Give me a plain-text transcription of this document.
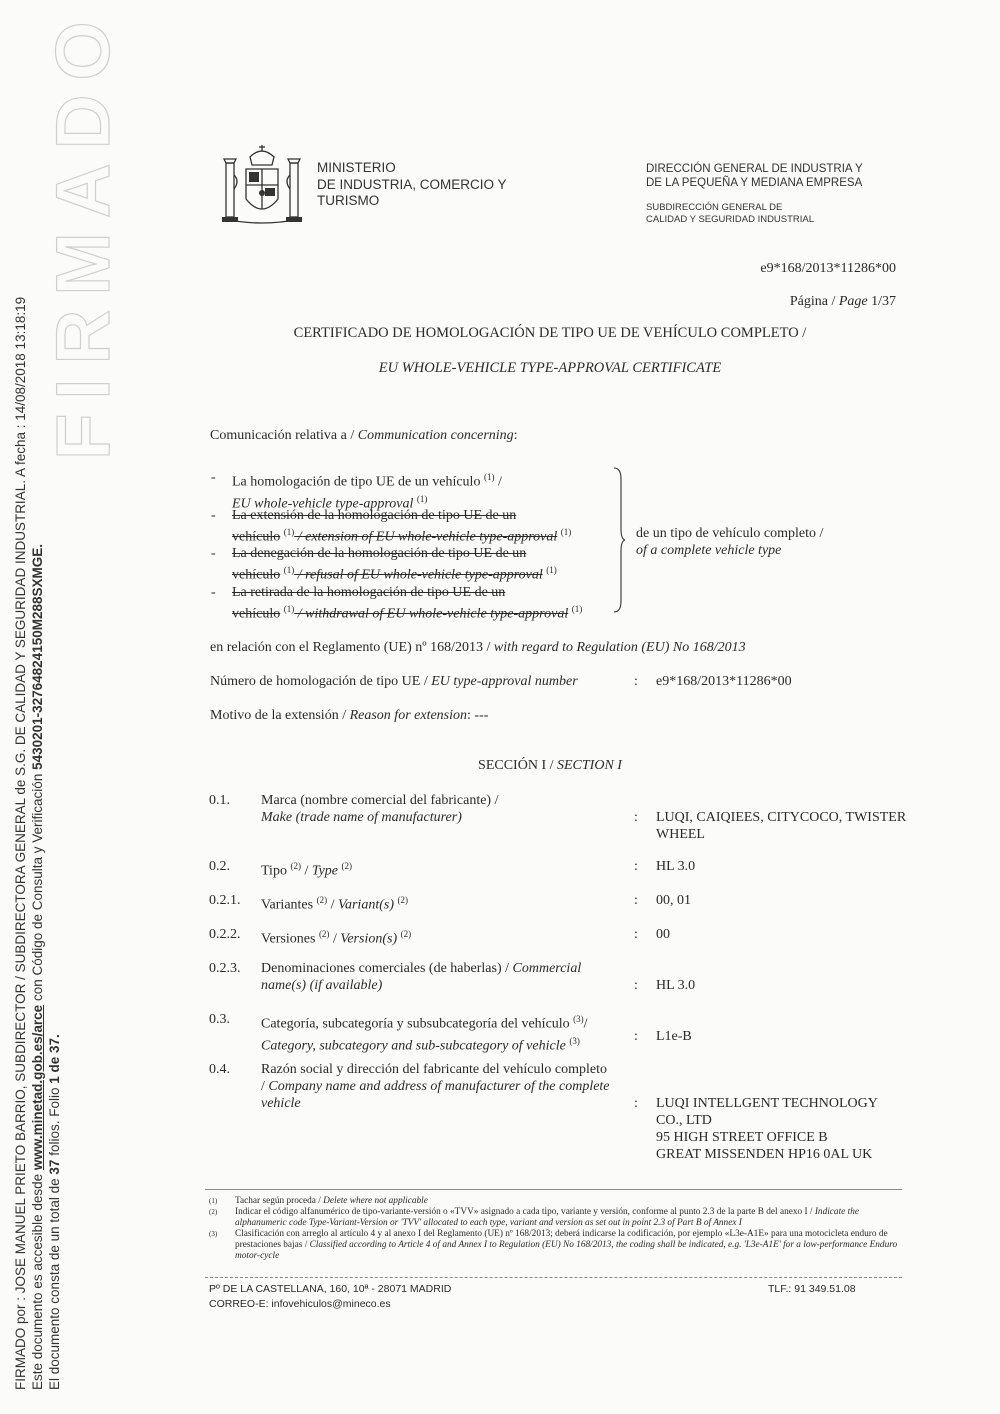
FIRMADO
FIRMADO por : JOSE MANUEL PRIETO BARRIO, SUBDIRECTOR / SUBDIRECTORA GENERAL de S.G. DE CALIDAD Y SEGURIDAD INDUSTRIAL. A fecha : 14/08/2018 13:18:19 Este documento es accesible desde www.minetad.gob.es/arce con Código de Consulta y Verificación 5430201-32764824150M288SXMGE.
El documento consta de un total de 37 folios. Folio 1 de 37.
MINISTERIO
DE INDUSTRIA, COMERCIO Y
TURISMO
DIRECCIÓN GENERAL DE INDUSTRIA Y
DE LA PEQUEÑA Y MEDIANA EMPRESA
SUBDIRECCIÓN GENERAL DE
CALIDAD Y SEGURIDAD INDUSTRIAL
e9*168/2013*11286*00
Página / Page 1/37
CERTIFICADO DE HOMOLOGACIÓN DE TIPO UE DE VEHÍCULO COMPLETO /
EU WHOLE-VEHICLE TYPE-APPROVAL CERTIFICATE
Comunicación relativa a / Communication concerning:
- La homologación de tipo UE de un vehículo $^{(1)}$ /
EU whole-vehicle type-approval $^{(1)}$
- La extensión de la homologación de tipo UE de un
vehículo $^{(1)}$ / extension of EU whole-vehicle type-approval $^{(1)}$
- La denegación de la homologación de tipo UE de un
vehículo $^{(1)}$ / refusal of EU whole-vehicle type-approval $^{(1)}$
- La retirada de la homologación de tipo UE de un
vehículo $^{(1)}$ / withdrawal of EU whole-vehicle type-approval $^{(1)}$
de un tipo de vehículo completo /
of a complete vehicle type
en relación con el Reglamento (UE) nº 168/2013 / with regard to Regulation (EU) No 168/2013
Número de homologación de tipo UE / EU type-approval number	: e9*168/2013*11286*00
Motivo de la extensión / Reason for extension: ---
SECCIÓN I / SECTION I
0.1. Marca (nombre comercial del fabricante) /
Make (trade name of manufacturer)	: LUQI, CAIQIEES, CITYCOCO, TWISTER WHEEL
0.2. Tipo $^{(2)}$ / Type $^{(2)}$	: HL 3.0
0.2.1. Variantes $^{(2)}$ / Variant(s) $^{(2)}$	: 00, 01
0.2.2. Versiones $^{(2)}$ / Version(s) $^{(2)}$	: 00
0.2.3. Denominaciones comerciales (de haberlas) / Commercial name(s) (if available)	: HL 3.0
0.3. Categoría, subcategoría y subsubcategoría del vehículo $^{(3)}$/
Category, subcategory and sub-subcategory of vehicle $^{(3)}$	: L1e-B
0.4. Razón social y dirección del fabricante del vehículo completo / Company name and address of manufacturer of the complete vehicle	: LUQI INTELLGENT TECHNOLOGY
CO., LTD
95 HIGH STREET OFFICE B
GREAT MISSENDEN HP16 0AL UK
(1) Tachar según proceda / Delete where not applicable
(2) Indicar el código alfanumérico de tipo-variante-versión o «TVV» asignado a cada tipo, variante y versión, conforme al punto 2.3 de la parte B del anexo I / Indicate the alphanumeric code Type-Variant-Version or 'TVV' allocated to each type, variant and version as set out in point 2.3 of Part B of Annex I
(3) Clasificación con arreglo al artículo 4 y al anexo I del Reglamento (UE) nº 168/2013; deberá indicarse la codificación, por ejemplo «L3e-A1E» para una motocicleta enduro de prestaciones bajas / Classified according to Article 4 of and Annex I to Regulation (EU) No 168/2013, the coding shall be indicated, e.g. 'L3e-A1E' for a low-performance Enduro motor-cycle
Pº DE LA CASTELLANA, 160, 10ª - 28071 MADRID	TLF.: 91 349.51.08
CORREO-E: infovehiculos@mineco.es
